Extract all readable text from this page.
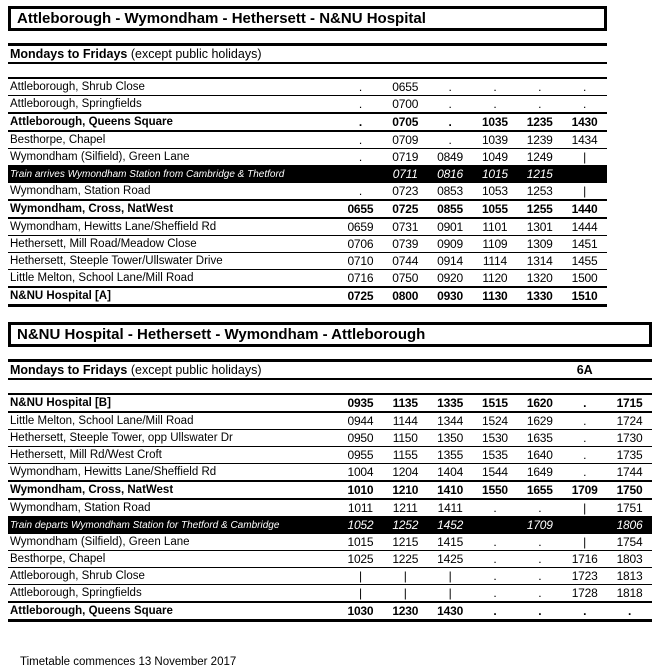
Attleborough - Wymondham - Hethersett - N&NU Hospital
Mondays to Fridays (except public holidays)
Attleborough, Shrub Close	.	0655	.	.	.	.
Attleborough, Springfields	.	0700	.	.	.	.
Attleborough, Queens Square	.	0705	.	1035	1235	1430
Besthorpe, Chapel	.	0709	.	1039	1239	1434
Wymondham (Silfield), Green Lane	.	0719	0849	1049	1249	|
Train arrives Wymondham Station from Cambridge & Thetford		0711	0816	1015	1215	
Wymondham, Station Road	.	0723	0853	1053	1253	|
Wymondham, Cross, NatWest	0655	0725	0855	1055	1255	1440
Wymondham, Hewitts Lane/Sheffield Rd	0659	0731	0901	1101	1301	1444
Hethersett, Mill Road/Meadow Close	0706	0739	0909	1109	1309	1451
Hethersett, Steeple Tower/Ullswater Drive	0710	0744	0914	1114	1314	1455
Little Melton, School Lane/Mill Road	0716	0750	0920	1120	1320	1500
N&NU Hospital [A]	0725	0800	0930	1130	1330	1510
N&NU Hospital - Hethersett - Wymondham - Attleborough
Mondays to Fridays (except public holidays)	6A
N&NU Hospital [B]	0935	1135	1335	1515	1620	.	1715
Little Melton, School Lane/Mill Road	0944	1144	1344	1524	1629	.	1724
Hethersett, Steeple Tower, opp Ullswater Dr	0950	1150	1350	1530	1635	.	1730
Hethersett, Mill Rd/West Croft	0955	1155	1355	1535	1640	.	1735
Wymondham, Hewitts Lane/Sheffield Rd	1004	1204	1404	1544	1649	.	1744
Wymondham, Cross, NatWest	1010	1210	1410	1550	1655	1709	1750
Wymondham, Station Road	1011	1211	1411	.	.	|	1751
Train departs Wymondham Station for Thetford & Cambridge	1052	1252	1452		1709		1806
Wymondham (Silfield), Green Lane	1015	1215	1415	.	.	|	1754
Besthorpe, Chapel	1025	1225	1425	.	.	1716	1803
Attleborough, Shrub Close	|	|	|	.	.	1723	1813
Attleborough, Springfields	|	|	|	.	.	1728	1818
Attleborough, Queens Square	1030	1230	1430	.	.	.	.
Timetable commences 13 November 2017
